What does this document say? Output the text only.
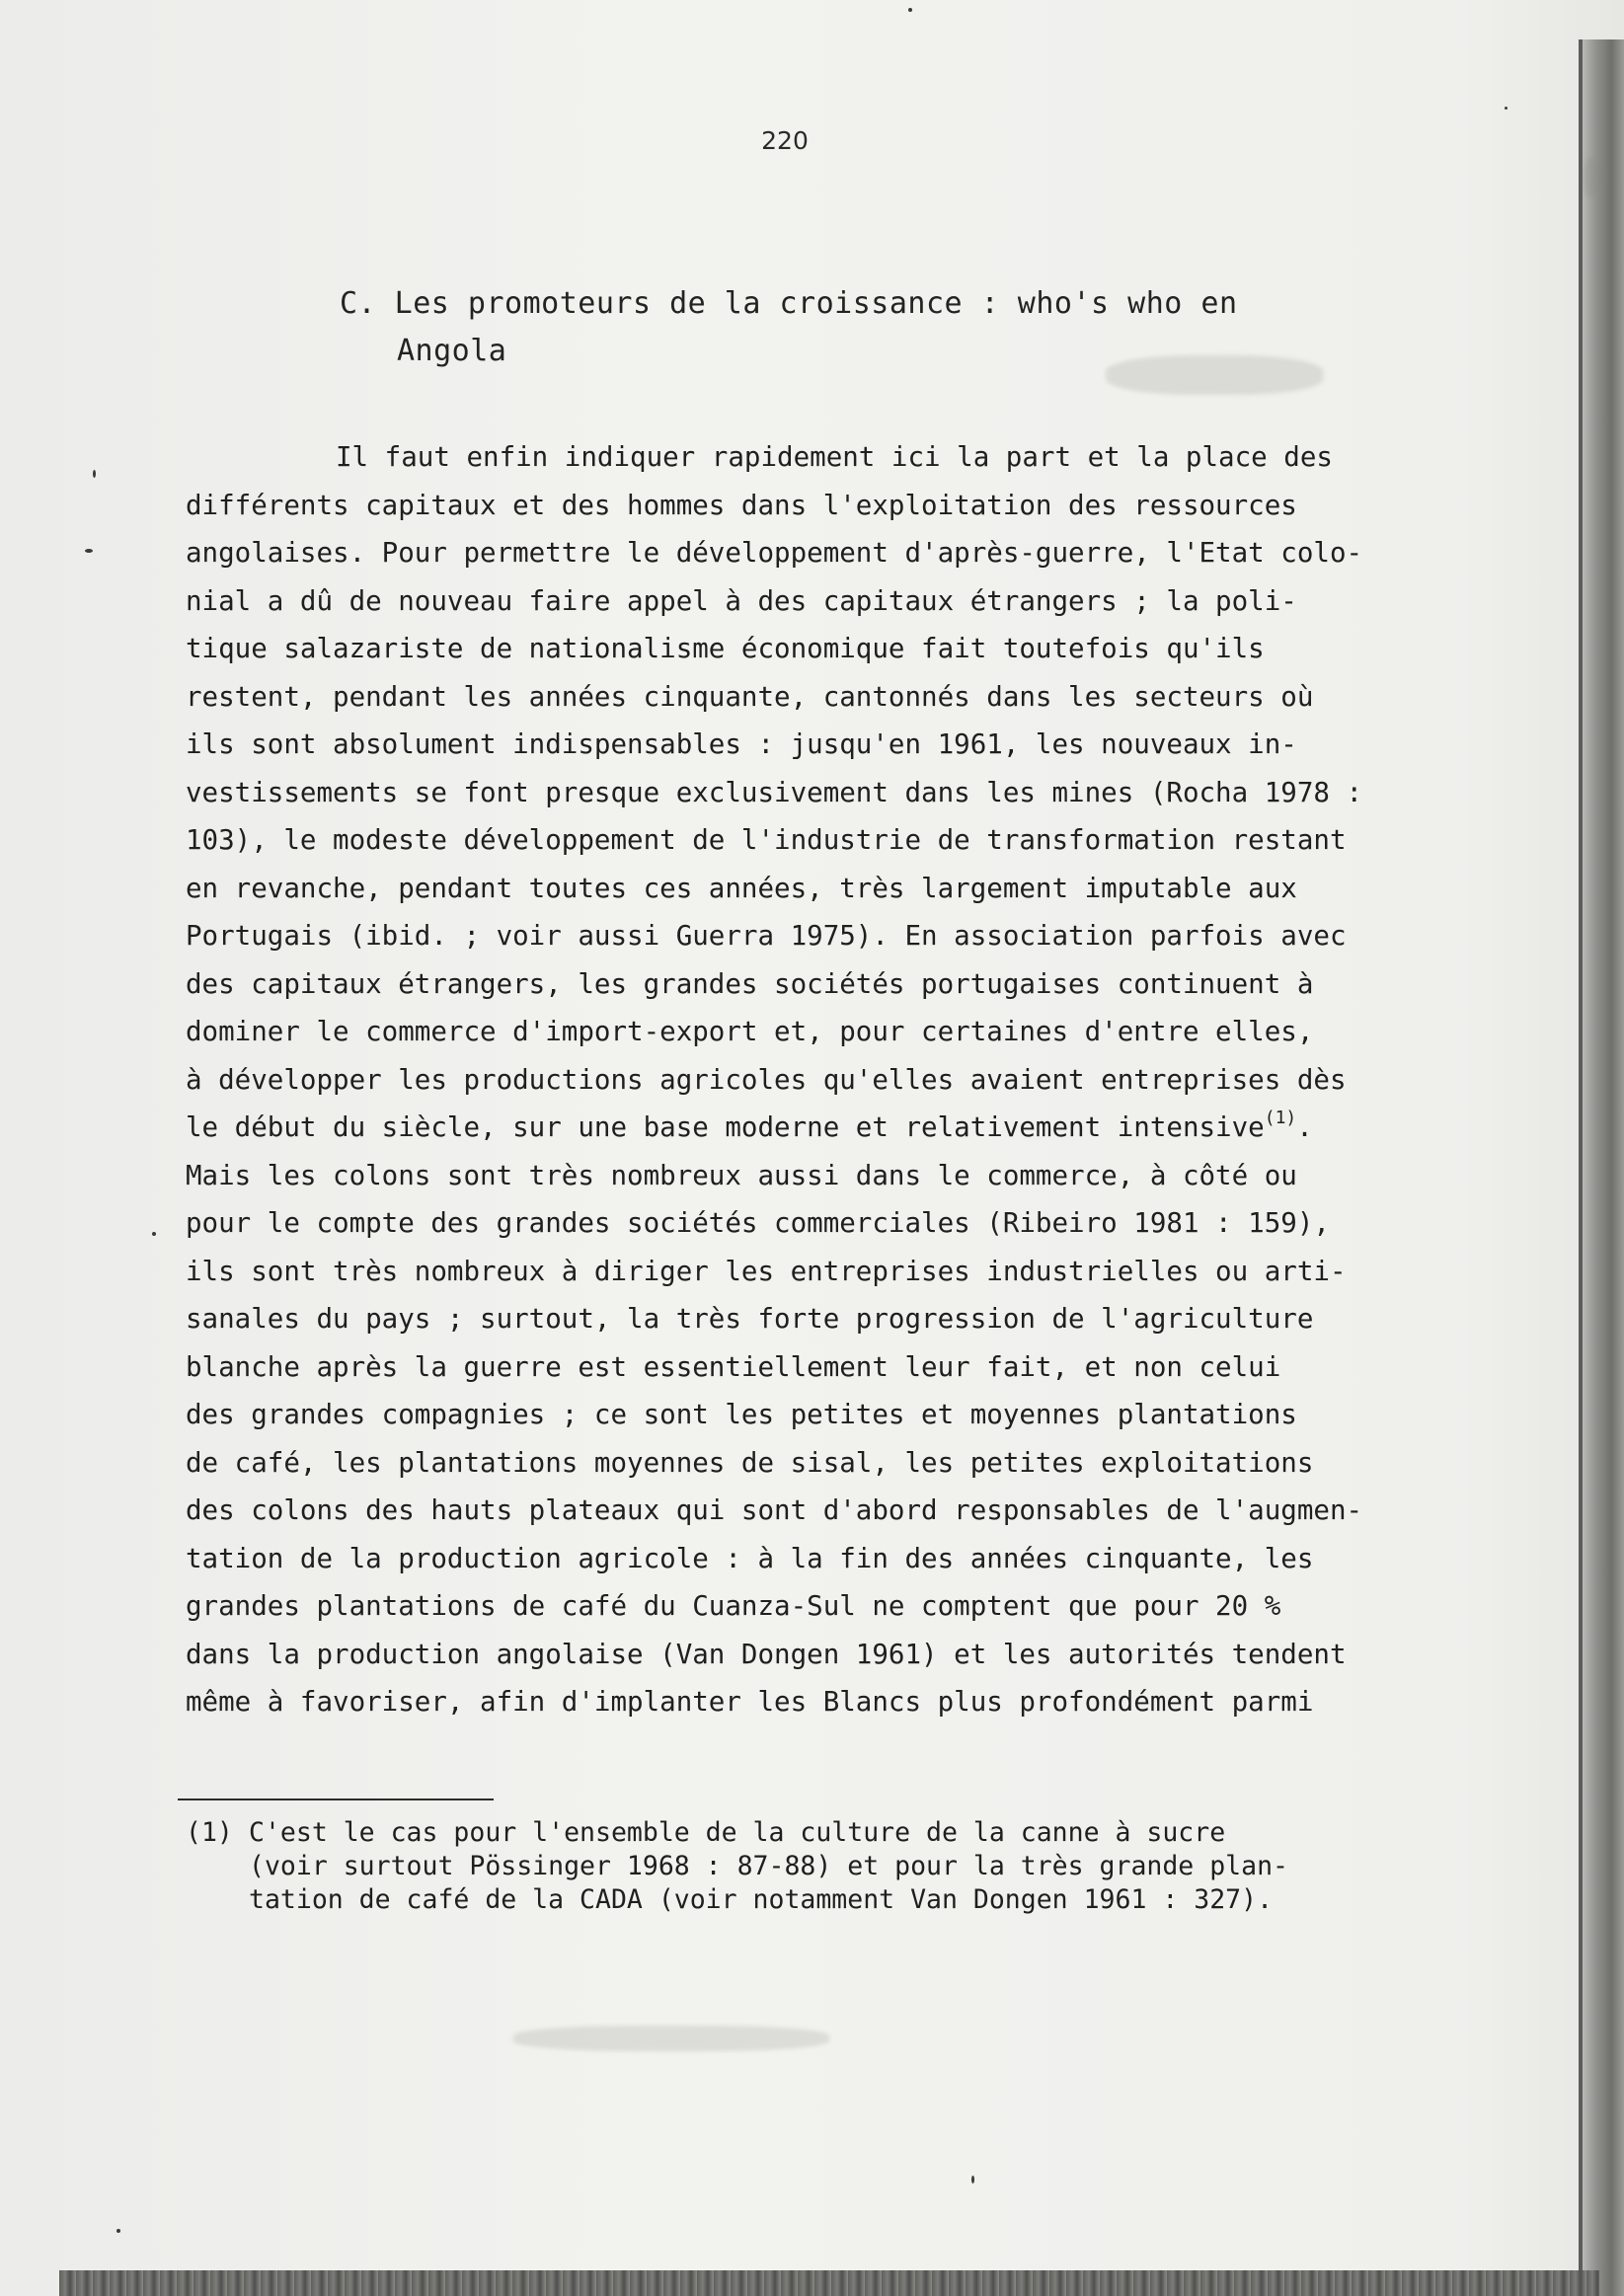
220
C. Les promoteurs de la croissance : who's who en
Angola
Il faut enfin indiquer rapidement ici la part et la place des
différents capitaux et des hommes dans l'exploitation des ressources
angolaises. Pour permettre le développement d'après-guerre, l'Etat colo-
nial a dû de nouveau faire appel à des capitaux étrangers ; la poli-
tique salazariste de nationalisme économique fait toutefois qu'ils
restent, pendant les années cinquante, cantonnés dans les secteurs où
ils sont absolument indispensables : jusqu'en 1961, les nouveaux in-
vestissements se font presque exclusivement dans les mines (Rocha 1978 :
103), le modeste développement de l'industrie de transformation restant
en revanche, pendant toutes ces années, très largement imputable aux
Portugais (ibid. ; voir aussi Guerra 1975). En association parfois avec
des capitaux étrangers, les grandes sociétés portugaises continuent à
dominer le commerce d'import-export et, pour certaines d'entre elles,
à développer les productions agricoles qu'elles avaient entreprises dès
le début du siècle, sur une base moderne et relativement intensive$^{(1)}$.
Mais les colons sont très nombreux aussi dans le commerce, à côté ou
pour le compte des grandes sociétés commerciales (Ribeiro 1981 : 159),
ils sont très nombreux à diriger les entreprises industrielles ou arti-
sanales du pays ; surtout, la très forte progression de l'agriculture
blanche après la guerre est essentiellement leur fait, et non celui
des grandes compagnies ; ce sont les petites et moyennes plantations
de café, les plantations moyennes de sisal, les petites exploitations
des colons des hauts plateaux qui sont d'abord responsables de l'augmen-
tation de la production agricole : à la fin des années cinquante, les
grandes plantations de café du Cuanza-Sul ne comptent que pour 20 %
dans la production angolaise (Van Dongen 1961) et les autorités tendent
même à favoriser, afin d'implanter les Blancs plus profondément parmi
(1) C'est le cas pour l'ensemble de la culture de la canne à sucre
(voir surtout Pössinger 1968 : 87-88) et pour la très grande plan-
tation de café de la CADA (voir notamment Van Dongen 1961 : 327).
